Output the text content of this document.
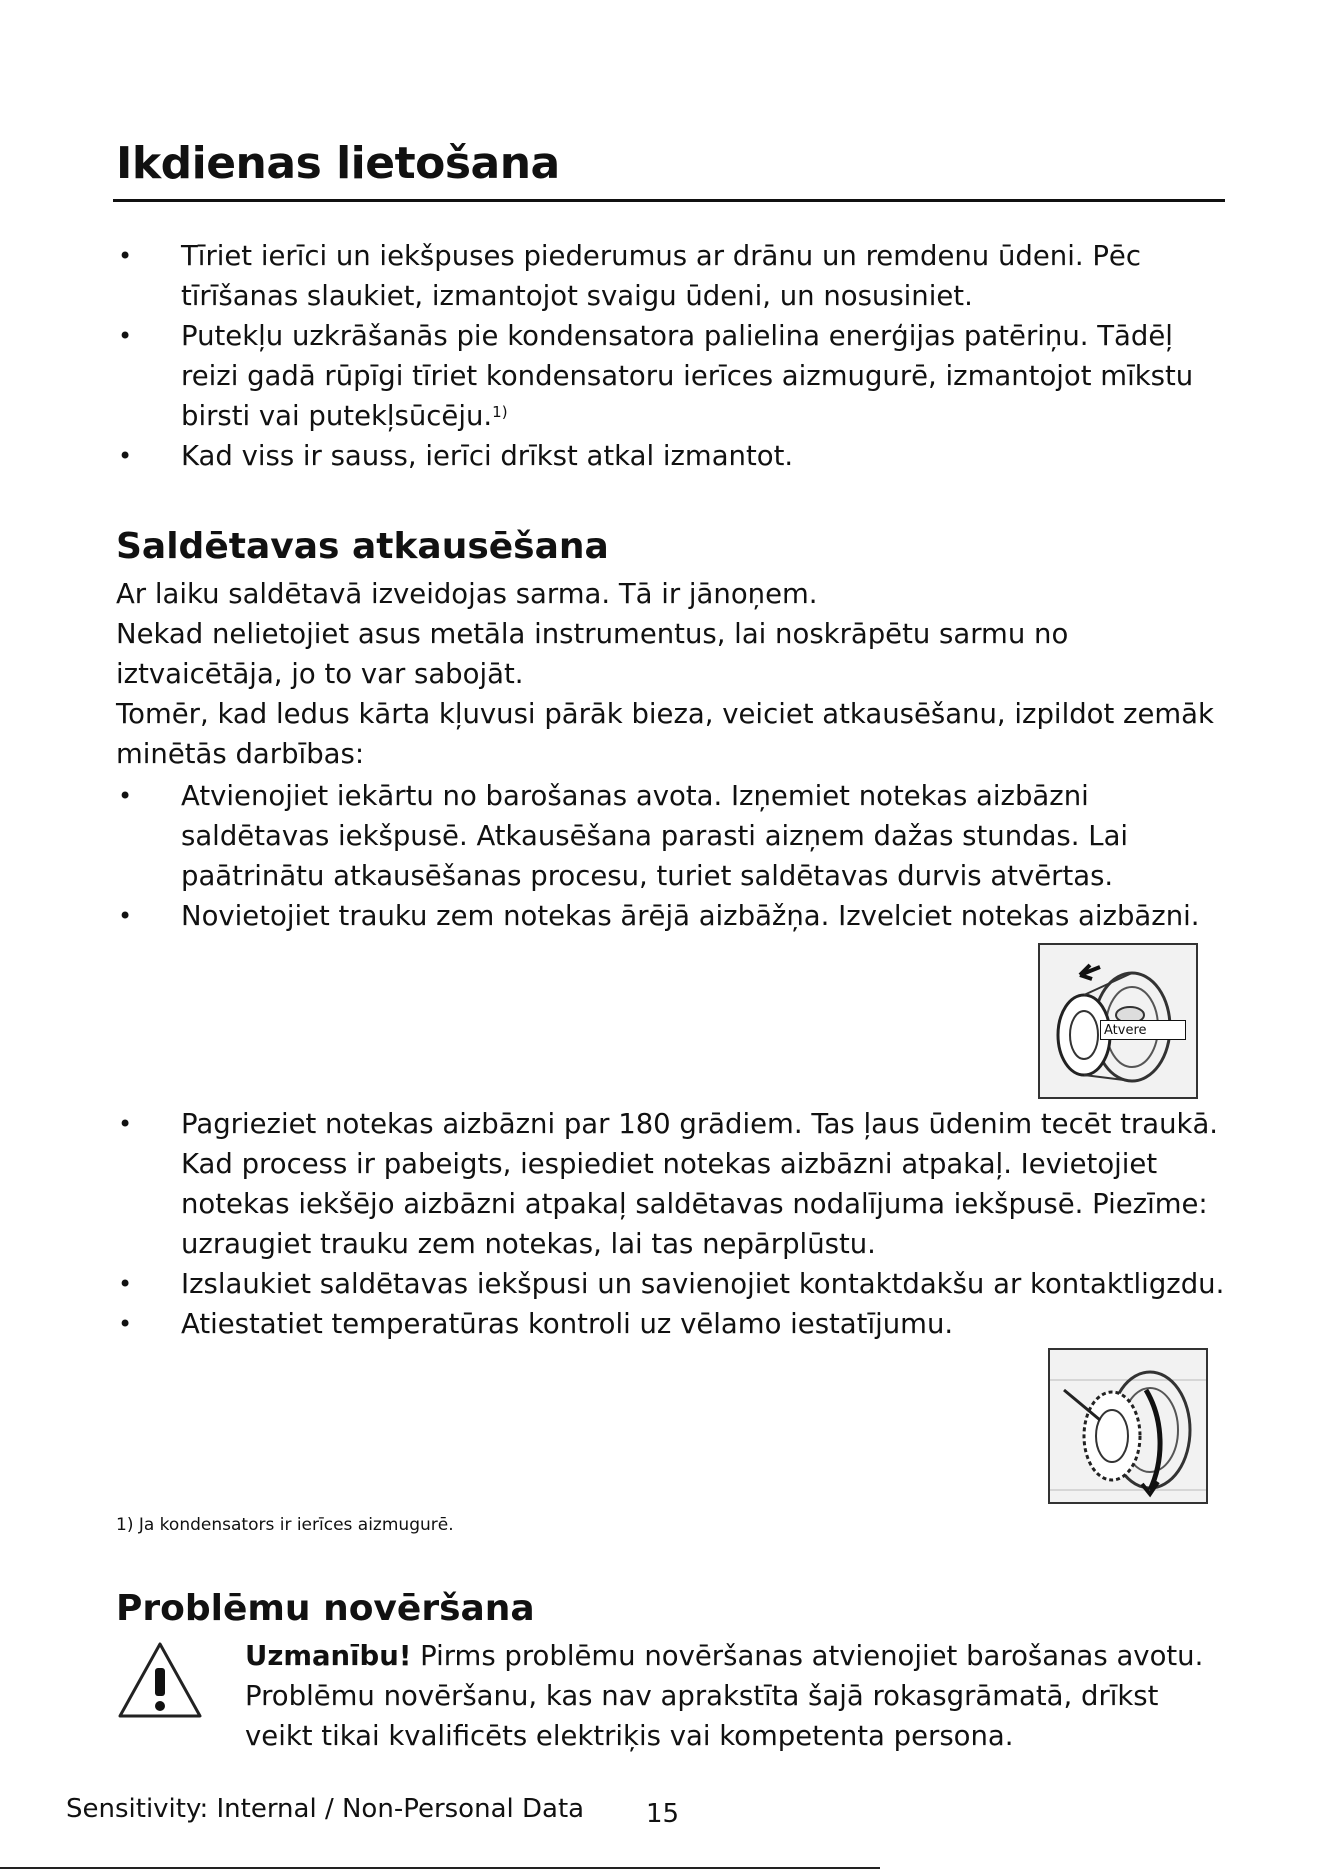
Ikdienas lietošana
• Tīriet ierīci un iekšpuses piederumus ar drānu un remdenu ūdeni. Pēc tīrīšanas slaukiet, izmantojot svaigu ūdeni, un nosusiniet.
• Putekļu uzkrāšanās pie kondensatora palielina enerģijas patēriņu. Tādēļ reizi gadā rūpīgi tīriet kondensatoru ierīces aizmugurē, izmantojot mīkstu birsti vai putekļsūcēju.$^{1)}$
• Kad viss ir sauss, ierīci drīkst atkal izmantot.
Saldētavas atkausēšana
Ar laiku saldētavā izveidojas sarma. Tā ir jānoņem.
Nekad nelietojiet asus metāla instrumentus, lai noskrāpētu sarmu no iztvaicētāja, jo to var sabojāt.
Tomēr, kad ledus kārta kļuvusi pārāk bieza, veiciet atkausēšanu, izpildot zemāk minētās darbības:
• Atvienojiet iekārtu no barošanas avota. Izņemiet notekas aizbāzni saldētavas iekšpusē. Atkausēšana parasti aizņem dažas stundas. Lai paātrinātu atkausēšanas procesu, turiet saldētavas durvis atvērtas.
• Novietojiet trauku zem notekas ārējā aizbāžņa. Izvelciet notekas aizbāzni.
Atvere
• Pagrieziet notekas aizbāzni par 180 grādiem. Tas ļaus ūdenim tecēt traukā. Kad process ir pabeigts, iespiediet notekas aizbāzni atpakaļ. Ievietojiet notekas iekšējo aizbāzni atpakaļ saldētavas nodalījuma iekšpusē. Piezīme: uzraugiet trauku zem notekas, lai tas nepārplūstu.
• Izslaukiet saldētavas iekšpusi un savienojiet kontaktdakšu ar kontaktligzdu.
• Atiestatiet temperatūras kontroli uz vēlamo iestatījumu.
1) Ja kondensators ir ierīces aizmugurē.
Problēmu novēršana
Uzmanību! Pirms problēmu novēršanas atvienojiet barošanas avotu.
Problēmu novēršanu, kas nav aprakstīta šajā rokasgrāmatā, drīkst veikt tikai kvalificēts elektriķis vai kompetenta persona.
Sensitivity: Internal / Non-Personal Data 15
